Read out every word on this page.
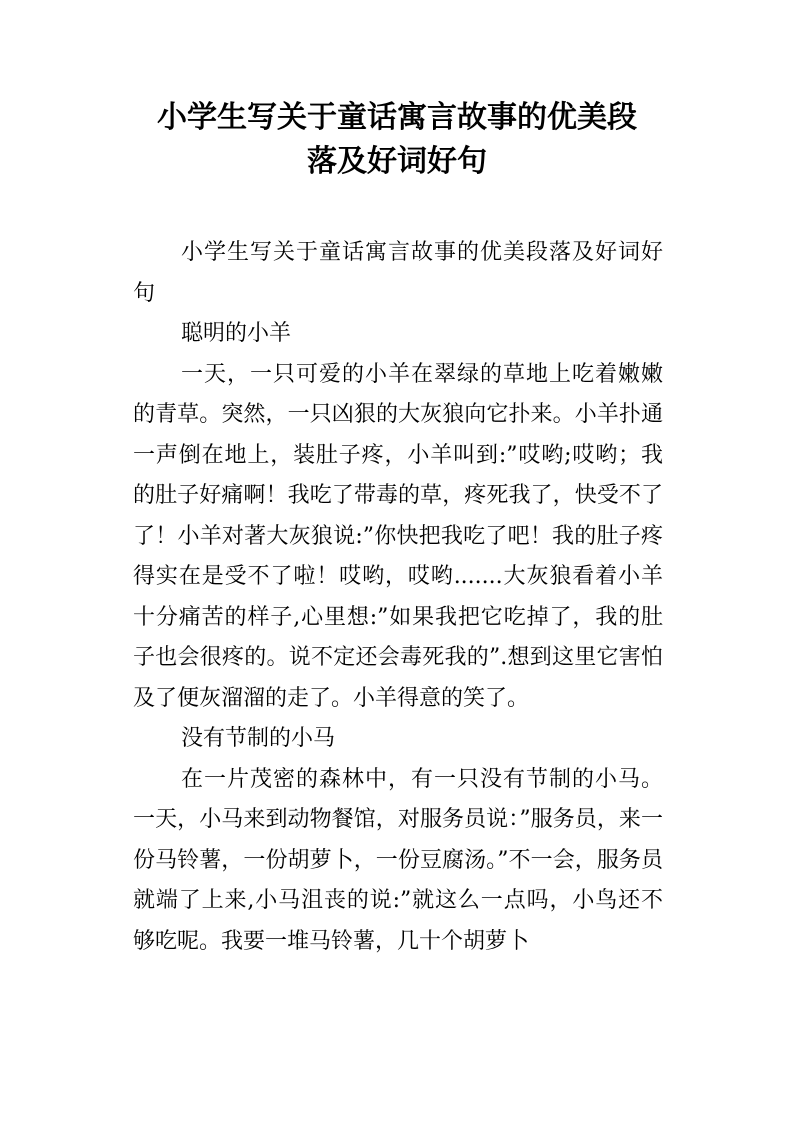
小学生写关于童话寓言故事的优美段
落及好词好句

小学生写关于童话寓言故事的优美段落及好词好句

聪明的小羊

一天，一只可爱的小羊在翠绿的草地上吃着嫩嫩的青草。突然，一只凶狠的大灰狼向它扑来。小羊扑通一声倒在地上，装肚子疼，小羊叫到:”哎哟;哎哟；我的肚子好痛啊！我吃了带毒的草，疼死我了，快受不了了！小羊对著大灰狼说:”你快把我吃了吧！我的肚子疼得实在是受不了啦！哎哟，哎哟.......大灰狼看着小羊十分痛苦的样子,心里想:”如果我把它吃掉了，我的肚子也会很疼的。说不定还会毒死我的”.想到这里它害怕及了便灰溜溜的走了。小羊得意的笑了。

没有节制的小马

在一片茂密的森林中，有一只没有节制的小马。一天，小马来到动物餐馆，对服务员说：”服务员，来一份马铃薯，一份胡萝卜，一份豆腐汤。”不一会，服务员就端了上来,小马沮丧的说:”就这么一点吗，小鸟还不够吃呢。我要一堆马铃薯，几十个胡萝卜
